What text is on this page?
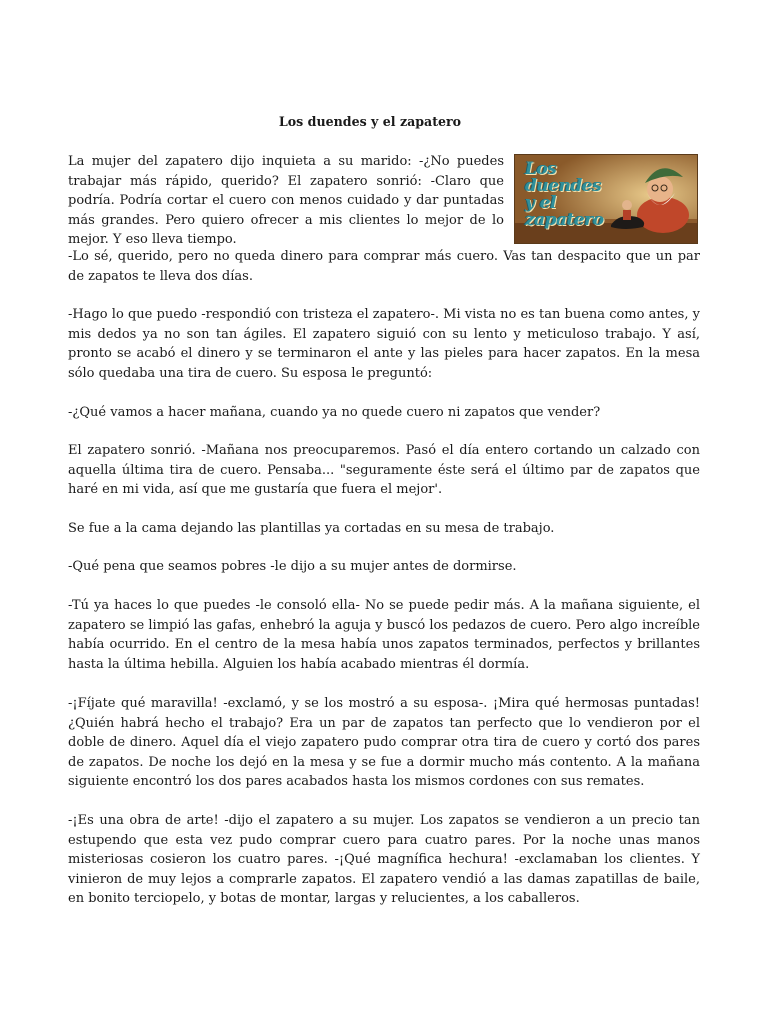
Los duendes y el zapatero

La mujer del zapatero dijo inquieta a su marido: -¿No puedes trabajar más rápido, querido? El zapatero sonrió: -Claro que podría. Podría cortar el cuero con menos cuidado y dar puntadas más grandes. Pero quiero ofrecer a mis clientes lo mejor de lo mejor. Y eso lleva tiempo.

Los duendes
y el zapatero

-Lo sé, querido, pero no queda dinero para comprar más cuero. Vas tan despacito que un par de zapatos te lleva dos días.

-Hago lo que puedo -respondió con tristeza el zapatero-. Mi vista no es tan buena como antes, y mis dedos ya no son tan ágiles. El zapatero siguió con su lento y meticuloso trabajo. Y así, pronto se acabó el dinero y se terminaron el ante y las pieles para hacer zapatos. En la mesa sólo quedaba una tira de cuero. Su esposa le preguntó:

-¿Qué vamos a hacer mañana, cuando ya no quede cuero ni zapatos que vender?

El zapatero sonrió. -Mañana nos preocuparemos. Pasó el día entero cortando un calzado con aquella última tira de cuero. Pensaba... "seguramente éste será el último par de zapatos que haré en mi vida, así que me gustaría que fuera el mejor'.

Se fue a la cama dejando las plantillas ya cortadas en su mesa de trabajo.

-Qué pena que seamos pobres -le dijo a su mujer antes de dormirse.

-Tú ya haces lo que puedes -le consoló ella- No se puede pedir más. A la mañana siguiente, el zapatero se limpió las gafas, enhebró la aguja y buscó los pedazos de cuero. Pero algo increíble había ocurrido. En el centro de la mesa había unos zapatos terminados, perfectos y brillantes hasta la última hebilla. Alguien los había acabado mientras él dormía.

-¡Fíjate qué maravilla! -exclamó, y se los mostró a su esposa-. ¡Mira qué hermosas puntadas! ¿Quién habrá hecho el trabajo? Era un par de zapatos tan perfecto que lo vendieron por el doble de dinero. Aquel día el viejo zapatero pudo comprar otra tira de cuero y cortó dos pares de zapatos. De noche los dejó en la mesa y se fue a dormir mucho más contento. A la mañana siguiente encontró los dos pares acabados hasta los mismos cordones con sus remates.

-¡Es una obra de arte! -dijo el zapatero a su mujer. Los zapatos se vendieron a un precio tan estupendo que esta vez pudo comprar cuero para cuatro pares. Por la noche unas manos misteriosas cosieron los cuatro pares. -¡Qué magnífica hechura! -exclamaban los clientes. Y vinieron de muy lejos a comprarle zapatos. El zapatero vendió a las damas zapatillas de baile, en bonito terciopelo, y botas de montar, largas y relucientes, a los caballeros.
